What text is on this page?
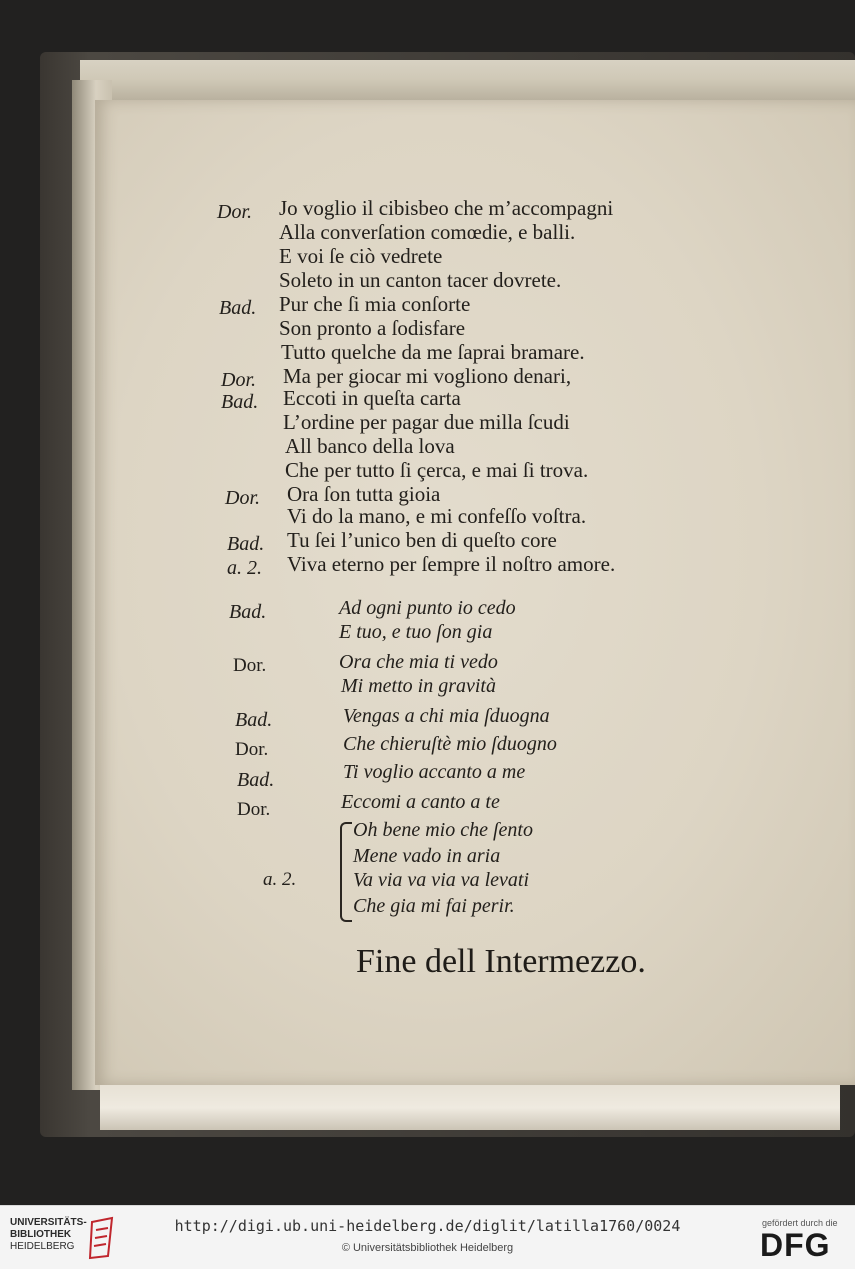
Dor. Jo voglio il cibisbeo che m’accompagni
Alla converſation comœdie, e balli.
E voi ſe ciò vedrete
Soleto in un canton tacer dovrete.
Bad. Pur che ſi mia conſorte
Son pronto a ſodisfare
Tutto quelche da me ſaprai bramare.
Dor. Ma per giocar mi vogliono denari,
Bad. Eccoti in queſta carta
L’ordine per pagar due milla ſcudi
All banco della lova
Che per tutto ſi çerca, e mai ſi trova.
Dor. Ora ſon tutta gioia
Vi do la mano, e mi confeſſo voſtra.
Bad. Tu ſei l’unico ben di queſto core
a. 2. Viva eterno per ſempre il noſtro amore.
Bad.	Ad ogni punto io cedo
E tuo, e tuo ſon gia
Dor.	Ora che mia ti vedo
Mi metto in gravità
Bad.	Vengas a chi mia ſduogna
Dor.	Che chieruſtè mio ſduogno
Bad.	Ti voglio accanto a me
Dor.	Eccomi a canto a te
a. 2.
Oh bene mio che ſento
Mene vado in aria
Va via va via va levati
Che gia mi fai perir.
Fine dell Intermezzo.
UNIVERSITÄTS-
BIBLIOTHEK
HEIDELBERG
http://digi.ub.uni-heidelberg.de/diglit/latilla1760/0024
© Universitätsbibliothek Heidelberg
gefördert durch die
DFG
